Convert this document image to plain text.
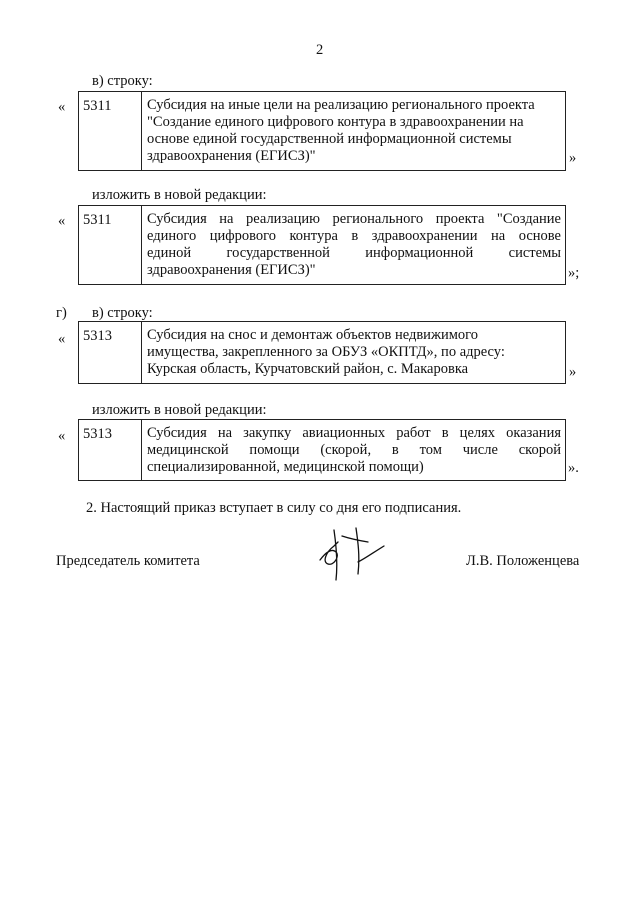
2
в) строку:
« 5311 Субсидия на иные цели на реализацию регионального проекта
"Создание единого цифрового контура в здравоохранении на
основе единой государственной информационной системы
здравоохранения (ЕГИСЗ)"	»
изложить в новой редакции:
« 5311 Субсидия на реализацию регионального проекта "Создание
единого цифрового контура в здравоохранении на основе
единой государственной информационной системы
здравоохранения (ЕГИСЗ)"	»;
г) в) строку:
« 5313 Субсидия на снос и демонтаж объектов недвижимого
имущества, закрепленного за ОБУЗ «ОКПТД», по адресу:
Курская область, Курчатовский район, с. Макаровка	»
изложить в новой редакции:
« 5313 Субсидия на закупку авиационных работ в целях оказания
медицинской помощи (скорой, в том числе скорой
специализированной, медицинской помощи)	».
2. Настоящий приказ вступает в силу со дня его подписания.
Председатель комитета	Л.В. Положенцева
